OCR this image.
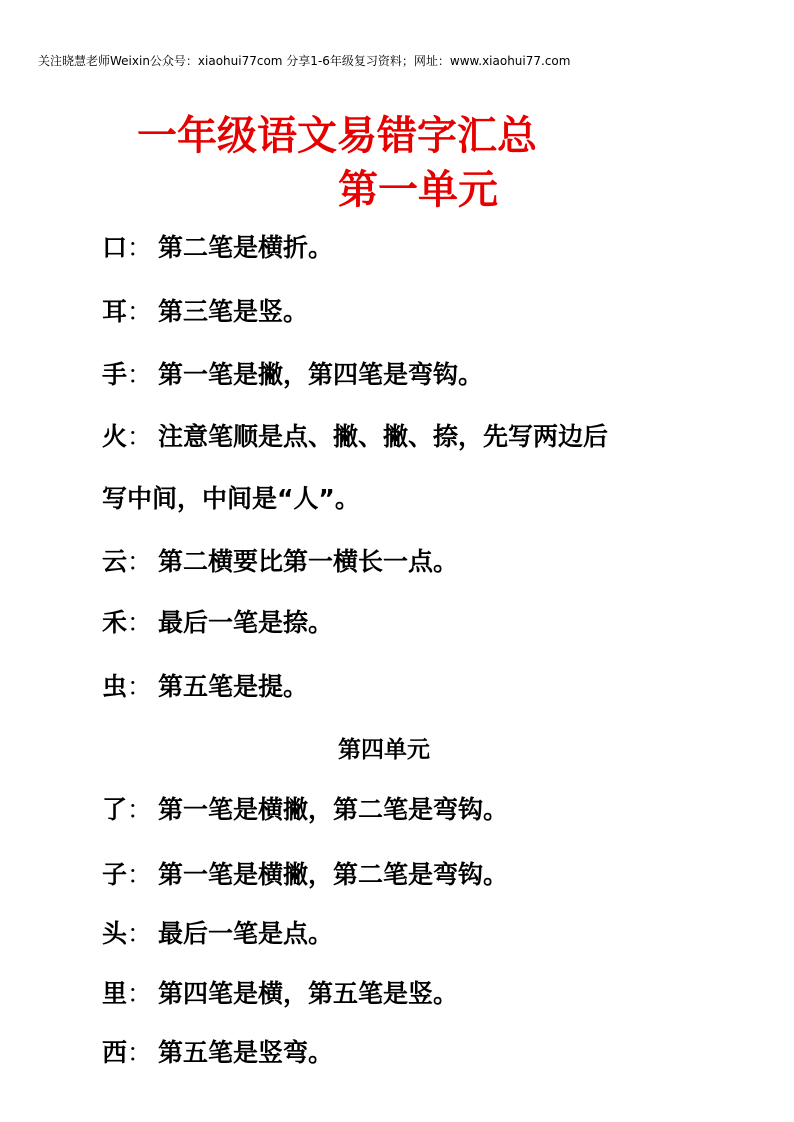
关注晓慧老师Weixin公众号：xiaohui77com 分享1-6年级复习资料；网址：www.xiaohui77.com
一年级语文易错字汇总
第一单元
口： 第二笔是横折。
耳： 第三笔是竖。
手： 第一笔是撇，第四笔是弯钩。
火： 注意笔顺是点、撇、撇、捺，先写两边后
写中间，中间是“人”。
云： 第二横要比第一横长一点。
禾： 最后一笔是捺。
虫： 第五笔是提。
第四单元
了： 第一笔是横撇，第二笔是弯钩。
子： 第一笔是横撇，第二笔是弯钩。
头： 最后一笔是点。
里： 第四笔是横，第五笔是竖。
西： 第五笔是竖弯。
